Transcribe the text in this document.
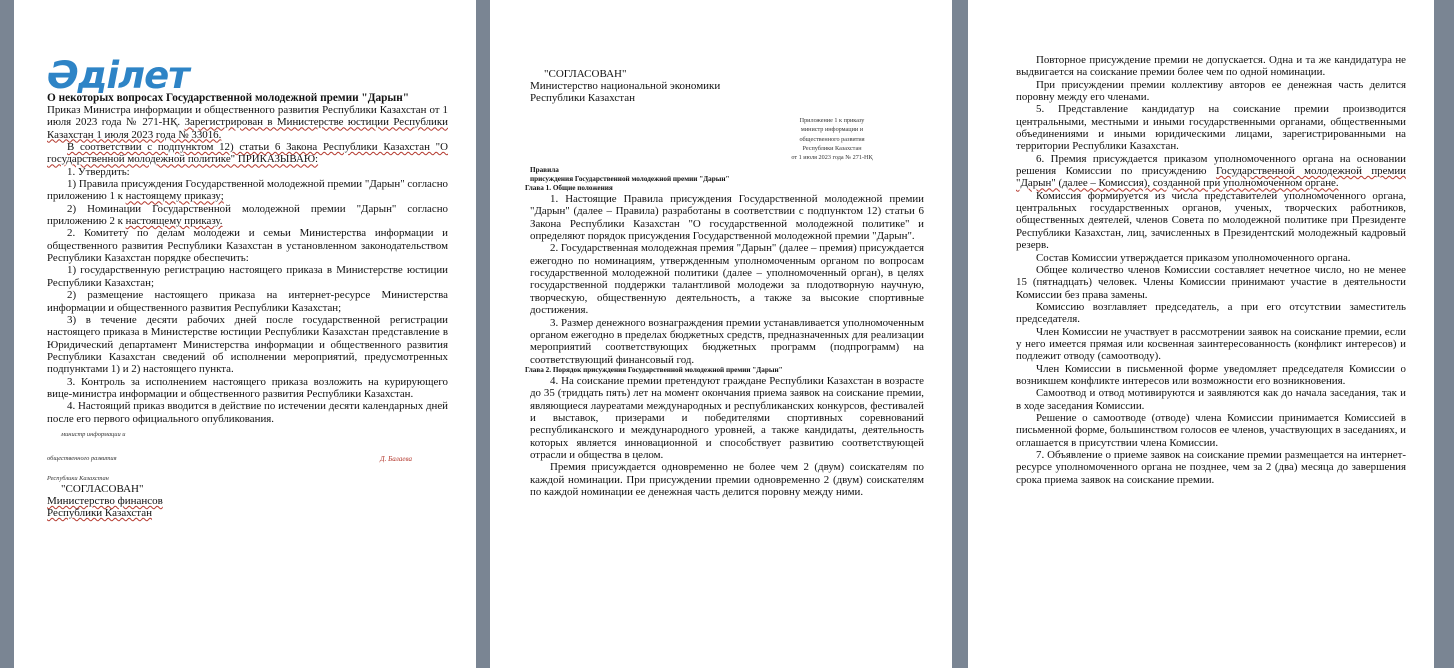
Әділет
О некоторых вопросах Государственной молодежной премии "Дарын"

Приказ Министра информации и общественного развития Республики Казахстан от 1 июля 2023 года № 271-НҚ. Зарегистрирован в Министерстве юстиции Республики Казахстан 1 июля 2023 года № 33016.

В соответствии с подпунктом 12) статьи 6 Закона Республики Казахстан "О государственной молодежной политике" ПРИКАЗЫВАЮ:

1. Утвердить:

1) Правила присуждения Государственной молодежной премии "Дарын" согласно приложению 1 к настоящему приказу;

2) Номинации Государственной молодежной премии "Дарын" согласно приложению 2 к настоящему приказу.

2. Комитету по делам молодежи и семьи Министерства информации и общественного развития Республики Казахстан в установленном законодательством Республики Казахстан порядке обеспечить:

1) государственную регистрацию настоящего приказа в Министерстве юстиции Республики Казахстан;

2) размещение настоящего приказа на интернет-ресурсе Министерства информации и общественного развития Республики Казахстан;

3) в течение десяти рабочих дней после государственной регистрации настоящего приказа в Министерстве юстиции Республики Казахстан представление в Юридический департамент Министерства информации и общественного развития Республики Казахстан сведений об исполнении мероприятий, предусмотренных подпунктами 1) и 2) настоящего пункта.

3. Контроль за исполнением настоящего приказа возложить на курирующего вице-министра информации и общественного развития Республики Казахстан.

4. Настоящий приказ вводится в действие по истечении десяти календарных дней после его первого официального опубликования.

министр информации и
общественного развития	Д. Балаева
Республики Казахстан
"СОГЛАСОВАН"
Министерство финансов
Республики Казахстан
"СОГЛАСОВАН"
Министерство национальной экономики
Республики Казахстан
Приложение 1 к приказу
министр информации и
общественного развития
Республики Казахстан
от 1 июля 2023 года № 271-НҚ
Правила
присуждения Государственной молодежной премии "Дарын"
Глава 1. Общие положения

1. Настоящие Правила присуждения Государственной молодежной премии "Дарын" (далее – Правила) разработаны в соответствии с подпунктом 12) статьи 6 Закона Республики Казахстан "О государственной молодежной политике" и определяют порядок присуждения Государственной молодежной премии "Дарын".

2. Государственная молодежная премия "Дарын" (далее – премия) присуждается ежегодно по номинациям, утвержденным уполномоченным органом по вопросам государственной молодежной политики (далее – уполномоченный орган), в целях государственной поддержки талантливой молодежи за плодотворную научную, творческую, общественную деятельность, а также за высокие спортивные достижения.

3. Размер денежного вознаграждения премии устанавливается уполномоченным органом ежегодно в пределах бюджетных средств, предназначенных для реализации мероприятий соответствующих бюджетных программ (подпрограмм) на соответствующий финансовый год.

Глава 2. Порядок присуждения Государственной молодежной премии "Дарын"

4. На соискание премии претендуют граждане Республики Казахстан в возрасте до 35 (тридцать пять) лет на момент окончания приема заявок на соискание премии, являющиеся лауреатами международных и республиканских конкурсов, фестивалей и выставок, призерами и победителями спортивных соревнований республиканского и международного уровней, а также кандидаты, деятельность которых является инновационной и способствует развитию соответствующей отрасли и общества в целом.

Премия присуждается одновременно не более чем 2 (двум) соискателям по каждой номинации. При присуждении премии одновременно 2 (двум) соискателям по каждой номинации ее денежная часть делится поровну между ними.

Повторное присуждение премии не допускается. Одна и та же кандидатура не выдвигается на соискание премии более чем по одной номинации.

При присуждении премии коллективу авторов ее денежная часть делится поровну между его членами.

5. Представление кандидатур на соискание премии производится центральными, местными и иными государственными органами, общественными объединениями и иными юридическими лицами, зарегистрированными на территории Республики Казахстан.

6. Премия присуждается приказом уполномоченного органа на основании решения Комиссии по присуждению Государственной молодежной премии "Дарын" (далее – Комиссия), созданной при уполномоченном органе.

Комиссия формируется из числа представителей уполномоченного органа, центральных государственных органов, ученых, творческих работников, общественных деятелей, членов Совета по молодежной политике при Президенте Республики Казахстан, лиц, зачисленных в Президентский молодежный кадровый резерв.

Состав Комиссии утверждается приказом уполномоченного органа.

Общее количество членов Комиссии составляет нечетное число, но не менее 15 (пятнадцать) человек. Члены Комиссии принимают участие в деятельности Комиссии без права замены.

Комиссию возглавляет председатель, а при его отсутствии заместитель председателя.

Член Комиссии не участвует в рассмотрении заявок на соискание премии, если у него имеется прямая или косвенная заинтересованность (конфликт интересов) и подлежит отводу (самоотводу).

Член Комиссии в письменной форме уведомляет председателя Комиссии о возникшем конфликте интересов или возможности его возникновения.

Самоотвод и отвод мотивируются и заявляются как до начала заседания, так и в ходе заседания Комиссии.

Решение о самоотводе (отводе) члена Комиссии принимается Комиссией в письменной форме, большинством голосов ее членов, участвующих в заседаниях, и оглашается в присутствии члена Комиссии.

7. Объявление о приеме заявок на соискание премии размещается на интернет-ресурсе уполномоченного органа не позднее, чем за 2 (два) месяца до завершения срока приема заявок на соискание премии.
